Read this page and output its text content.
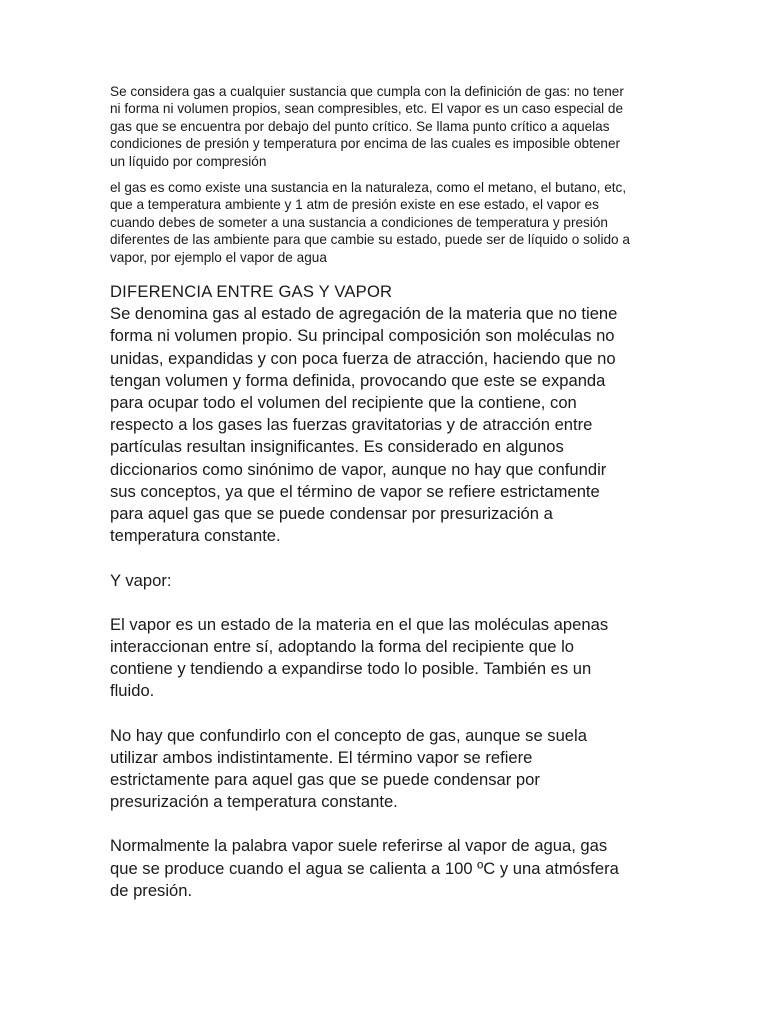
Se considera gas a cualquier sustancia que cumpla con la definición de gas: no tener
ni forma ni volumen propios, sean compresibles, etc. El vapor es un caso especial de
gas que se encuentra por debajo del punto crítico. Se llama punto crítico a aquelas
condiciones de presión y temperatura por encima de las cuales es imposible obtener
un líquido por compresión

el gas es como existe una sustancia en la naturaleza, como el metano, el butano, etc,
que a temperatura ambiente y 1 atm de presión existe en ese estado, el vapor es
cuando debes de someter a una sustancia a condiciones de temperatura y presión
diferentes de las ambiente para que cambie su estado, puede ser de líquido o solido a
vapor, por ejemplo el vapor de agua

DIFERENCIA ENTRE GAS Y VAPOR

Se denomina gas al estado de agregación de la materia que no tiene
forma ni volumen propio. Su principal composición son moléculas no
unidas, expandidas y con poca fuerza de atracción, haciendo que no
tengan volumen y forma definida, provocando que este se expanda
para ocupar todo el volumen del recipiente que la contiene, con
respecto a los gases las fuerzas gravitatorias y de atracción entre
partículas resultan insignificantes. Es considerado en algunos
diccionarios como sinónimo de vapor, aunque no hay que confundir
sus conceptos, ya que el término de vapor se refiere estrictamente
para aquel gas que se puede condensar por presurización a
temperatura constante.

Y vapor:

El vapor es un estado de la materia en el que las moléculas apenas
interaccionan entre sí, adoptando la forma del recipiente que lo
contiene y tendiendo a expandirse todo lo posible. También es un
fluido.

No hay que confundirlo con el concepto de gas, aunque se suela
utilizar ambos indistintamente. El término vapor se refiere
estrictamente para aquel gas que se puede condensar por
presurización a temperatura constante.

Normalmente la palabra vapor suele referirse al vapor de agua, gas
que se produce cuando el agua se calienta a 100 ºC y una atmósfera
de presión.
